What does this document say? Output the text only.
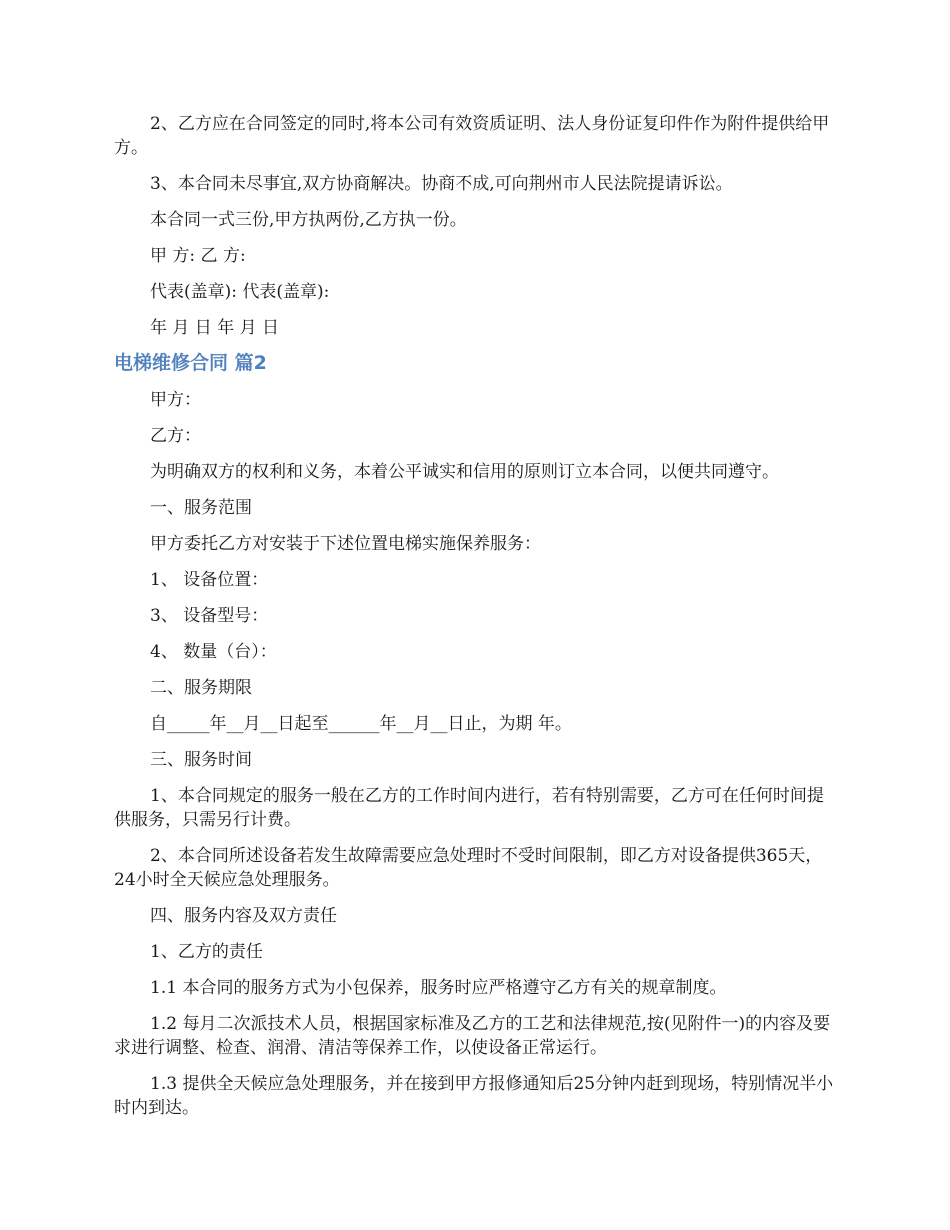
2、乙方应在合同签定的同时,将本公司有效资质证明、法人身份证复印件作为附件提供给甲方。

3、本合同未尽事宜,双方协商解决。协商不成,可向荆州市人民法院提请诉讼。

本合同一式三份,甲方执两份,乙方执一份。

甲 方: 乙 方:

代表(盖章): 代表(盖章):

年 月 日 年 月 日

电梯维修合同 篇2

甲方：

乙方：

为明确双方的权利和义务，本着公平诚实和信用的原则订立本合同，以便共同遵守。

一、服务范围

甲方委托乙方对安装于下述位置电梯实施保养服务：

1、 设备位置：

3、 设备型号：

4、 数量（台）：

二、服务期限

自_____年__月__日起至______年__月__日止，为期 年。

三、服务时间

1、本合同规定的服务一般在乙方的工作时间内进行，若有特别需要，乙方可在任何时间提供服务，只需另行计费。

2、本合同所述设备若发生故障需要应急处理时不受时间限制，即乙方对设备提供365天，24小时全天候应急处理服务。

四、服务内容及双方责任

1、乙方的责任

1.1 本合同的服务方式为小包保养，服务时应严格遵守乙方有关的规章制度。

1.2 每月二次派技术人员，根据国家标准及乙方的工艺和法律规范,按(见附件一)的内容及要求进行调整、检查、润滑、清洁等保养工作，以使设备正常运行。

1.3 提供全天候应急处理服务，并在接到甲方报修通知后25分钟内赶到现场，特别情况半小时内到达。
